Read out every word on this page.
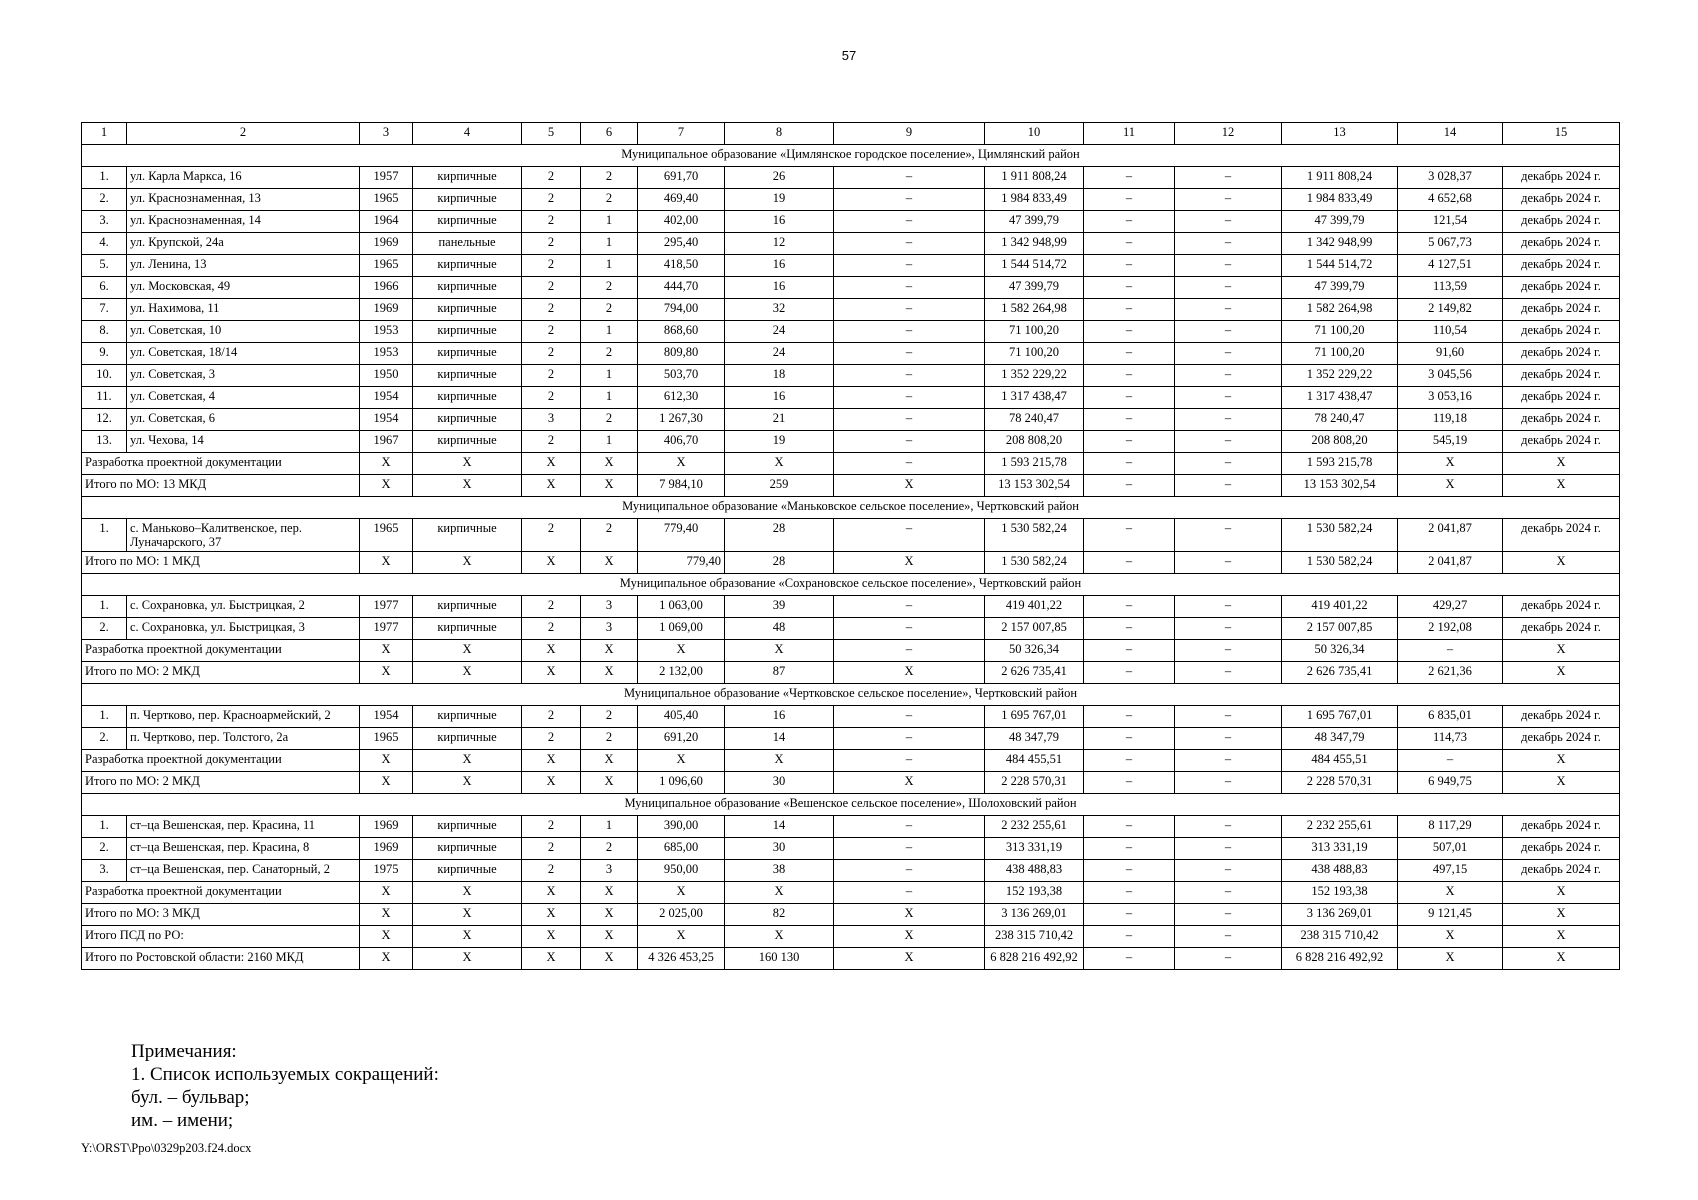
57
1	2	3	4	5	6	7	8	9	10	11	12	13	14	15
Муниципальное образование «Цимлянское городское поселение», Цимлянский район														
1.	ул. Карла Маркса, 16	1957	кирпичные	2	2	691,70	26	–	1 911 808,24	–	–	1 911 808,24	3 028,37	декабрь 2024 г.
2.	ул. Краснознаменная, 13	1965	кирпичные	2	2	469,40	19	–	1 984 833,49	–	–	1 984 833,49	4 652,68	декабрь 2024 г.
3.	ул. Краснознаменная, 14	1964	кирпичные	2	1	402,00	16	–	47 399,79	–	–	47 399,79	121,54	декабрь 2024 г.
4.	ул. Крупской, 24а	1969	панельные	2	1	295,40	12	–	1 342 948,99	–	–	1 342 948,99	5 067,73	декабрь 2024 г.
5.	ул. Ленина, 13	1965	кирпичные	2	1	418,50	16	–	1 544 514,72	–	–	1 544 514,72	4 127,51	декабрь 2024 г.
6.	ул. Московская, 49	1966	кирпичные	2	2	444,70	16	–	47 399,79	–	–	47 399,79	113,59	декабрь 2024 г.
7.	ул. Нахимова, 11	1969	кирпичные	2	2	794,00	32	–	1 582 264,98	–	–	1 582 264,98	2 149,82	декабрь 2024 г.
8.	ул. Советская, 10	1953	кирпичные	2	1	868,60	24	–	71 100,20	–	–	71 100,20	110,54	декабрь 2024 г.
9.	ул. Советская, 18/14	1953	кирпичные	2	2	809,80	24	–	71 100,20	–	–	71 100,20	91,60	декабрь 2024 г.
10.	ул. Советская, 3	1950	кирпичные	2	1	503,70	18	–	1 352 229,22	–	–	1 352 229,22	3 045,56	декабрь 2024 г.
11.	ул. Советская, 4	1954	кирпичные	2	1	612,30	16	–	1 317 438,47	–	–	1 317 438,47	3 053,16	декабрь 2024 г.
12.	ул. Советская, 6	1954	кирпичные	3	2	1 267,30	21	–	78 240,47	–	–	78 240,47	119,18	декабрь 2024 г.
13.	ул. Чехова, 14	1967	кирпичные	2	1	406,70	19	–	208 808,20	–	–	208 808,20	545,19	декабрь 2024 г.
Разработка проектной документации		X	X	X	X	X	X	–	1 593 215,78	–	–	1 593 215,78	X	X
Итого по МО: 13 МКД		X	X	X	X	7 984,10	259	X	13 153 302,54	–	–	13 153 302,54	X	X
Муниципальное образование «Маньковское сельское поселение», Чертковский район														
1.	с. Маньково–Калитвенское, пер. Луначарского, 37	1965	кирпичные	2	2	779,40	28	–	1 530 582,24	–	–	1 530 582,24	2 041,87	декабрь 2024 г.
Итого по МО: 1 МКД		X	X	X	X	779,40	28	X	1 530 582,24	–	–	1 530 582,24	2 041,87	X
Муниципальное образование «Сохрановское сельское поселение», Чертковский район														
1.	с. Сохрановка, ул. Быстрицкая, 2	1977	кирпичные	2	3	1 063,00	39	–	419 401,22	–	–	419 401,22	429,27	декабрь 2024 г.
2.	с. Сохрановка, ул. Быстрицкая, 3	1977	кирпичные	2	3	1 069,00	48	–	2 157 007,85	–	–	2 157 007,85	2 192,08	декабрь 2024 г.
Разработка проектной документации		X	X	X	X	X	X	–	50 326,34	–	–	50 326,34	–	X
Итого по МО: 2 МКД		X	X	X	X	2 132,00	87	X	2 626 735,41	–	–	2 626 735,41	2 621,36	X
Муниципальное образование «Чертковское сельское поселение», Чертковский район														
1.	п. Чертково, пер. Красноармейский, 2	1954	кирпичные	2	2	405,40	16	–	1 695 767,01	–	–	1 695 767,01	6 835,01	декабрь 2024 г.
2.	п. Чертково, пер. Толстого, 2а	1965	кирпичные	2	2	691,20	14	–	48 347,79	–	–	48 347,79	114,73	декабрь 2024 г.
Разработка проектной документации		X	X	X	X	X	X	–	484 455,51	–	–	484 455,51	–	X
Итого по МО: 2 МКД		X	X	X	X	1 096,60	30	X	2 228 570,31	–	–	2 228 570,31	6 949,75	X
Муниципальное образование «Вешенское сельское поселение», Шолоховский район														
1.	ст–ца Вешенская, пер. Красина, 11	1969	кирпичные	2	1	390,00	14	–	2 232 255,61	–	–	2 232 255,61	8 117,29	декабрь 2024 г.
2.	ст–ца Вешенская, пер. Красина, 8	1969	кирпичные	2	2	685,00	30	–	313 331,19	–	–	313 331,19	507,01	декабрь 2024 г.
3.	ст–ца Вешенская, пер. Санаторный, 2	1975	кирпичные	2	3	950,00	38	–	438 488,83	–	–	438 488,83	497,15	декабрь 2024 г.
Разработка проектной документации		X	X	X	X	X	X	–	152 193,38	–	–	152 193,38	X	X
Итого по МО: 3 МКД		X	X	X	X	2 025,00	82	X	3 136 269,01	–	–	3 136 269,01	9 121,45	X
Итого ПСД по РО:		X	X	X	X	X	X	X	238 315 710,42	–	–	238 315 710,42	X	X
Итого по Ростовской области: 2160 МКД		X	X	X	X	4 326 453,25	160 130	X	6 828 216 492,92	–	–	6 828 216 492,92	X	X
Примечания:
1. Список используемых сокращений:
бул. – бульвар;
им. – имени;
Y:\ORST\Ppo\0329p203.f24.docx
